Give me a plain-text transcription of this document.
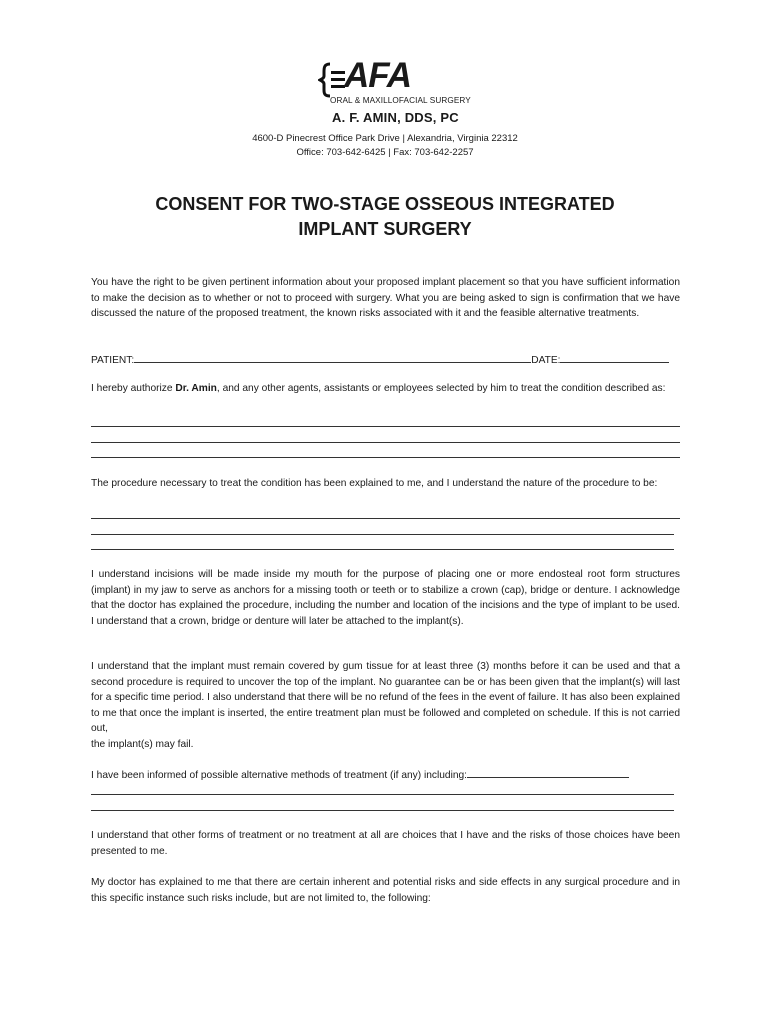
AFA
ORAL & MAXILLOFACIAL SURGERY
A. F. AMIN, DDS, PC
4600-D Pinecrest Office Park Drive | Alexandria, Virginia 22312
Office: 703-642-6425 | Fax: 703-642-2257
CONSENT FOR TWO-STAGE OSSEOUS INTEGRATED
IMPLANT SURGERY

You have the right to be given pertinent information about your proposed implant placement so that you have sufficient information to make the decision as to whether or not to proceed with surgery. What you are being asked to sign is confirmation that we have discussed the nature of the proposed treatment, the known risks associated with it and the feasible alternative treatments.

PATIENT:	DATE:

I hereby authorize Dr. Amin, and any other agents, assistants or employees selected by him to treat the condition described as:

The procedure necessary to treat the condition has been explained to me, and I understand the nature of the procedure to be:

I understand incisions will be made inside my mouth for the purpose of placing one or more endosteal root form structures (implant) in my jaw to serve as anchors for a missing tooth or teeth or to stabilize a crown (cap), bridge or denture. I acknowledge that the doctor has explained the procedure, including the number and location of the incisions and the type of implant to be used. I understand that a crown, bridge or denture will later be attached to the implant(s).

I understand that the implant must remain covered by gum tissue for at least three (3) months before it can be used and that a second procedure is required to uncover the top of the implant. No guarantee can be or has been given that the implant(s) will last for a specific time period. I also understand that there will be no refund of the fees in the event of failure. It has also been explained to me that once the implant is inserted, the entire treatment plan must be followed and completed on schedule. If this is not carried out,
the implant(s) may fail.

I have been informed of possible alternative methods of treatment (if any) including:

I understand that other forms of treatment or no treatment at all are choices that I have and the risks of those choices have been presented to me.

My doctor has explained to me that there are certain inherent and potential risks and side effects in any surgical procedure and in this specific instance such risks include, but are not limited to, the following:
